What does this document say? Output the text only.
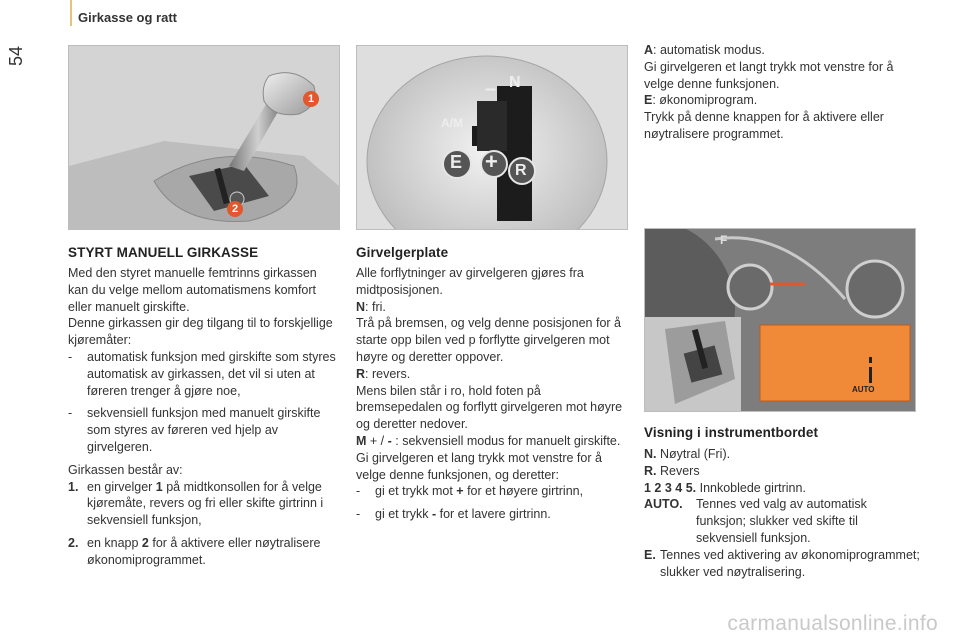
54
Girkasse og ratt
1
2
– N
A/M
E + R
F
AUTO
STYRT MANUELL GIRKASSE

Med den styret manuelle femtrinns girkassen kan du velge mellom automatismens komfort eller manuelt girskifte.

Denne girkassen gir deg tilgang til to forskjellige kjøremåter:

- automatisk funksjon med girskifte som styres automatisk av girkassen, det vil si uten at føreren trenger å gjøre noe,
- sekvensiell funksjon med manuelt girskifte som styres av føreren ved hjelp av girvelgeren.

Girkassen består av:

1. en girvelger 1 på midtkonsollen for å velge kjøremåte, revers og fri eller skifte girtrinn i sekvensiell funksjon,
2. en knapp 2 for å aktivere eller nøytralisere økonomiprogrammet.
Girvelgerplate

Alle forflytninger av girvelgeren gjøres fra midtposisjonen.

N: fri.

Trå på bremsen, og velg denne posisjonen for å starte opp bilen ved p forflytte girvelgeren mot høyre og deretter oppover.

R: revers.

Mens bilen står i ro, hold foten på bremsepedalen og forflytt girvelgeren mot høyre og deretter nedover.

M + / - : sekvensiell modus for manuelt girskifte.

Gi girvelgeren et lang trykk mot venstre for å velge denne funksjonen, og deretter:

- gi et trykk mot + for et høyere girtrinn,
- gi et trykk - for et lavere girtrinn.

A: automatisk modus.

Gi girvelgeren et langt trykk mot venstre for å velge denne funksjonen.

E: økonomiprogram.

Trykk på denne knappen for å aktivere eller nøytralisere programmet.

Visning i instrumentbordet

N. Nøytral (Fri).

R. Revers

1 2 3 4 5. Innkoblede girtrinn.

AUTO. Tennes ved valg av automatisk funksjon; slukker ved skifte til sekvensiell funksjon.
E. Tennes ved aktivering av økonomiprogrammet; slukker ved nøytralisering.
carmanualsonline.info
